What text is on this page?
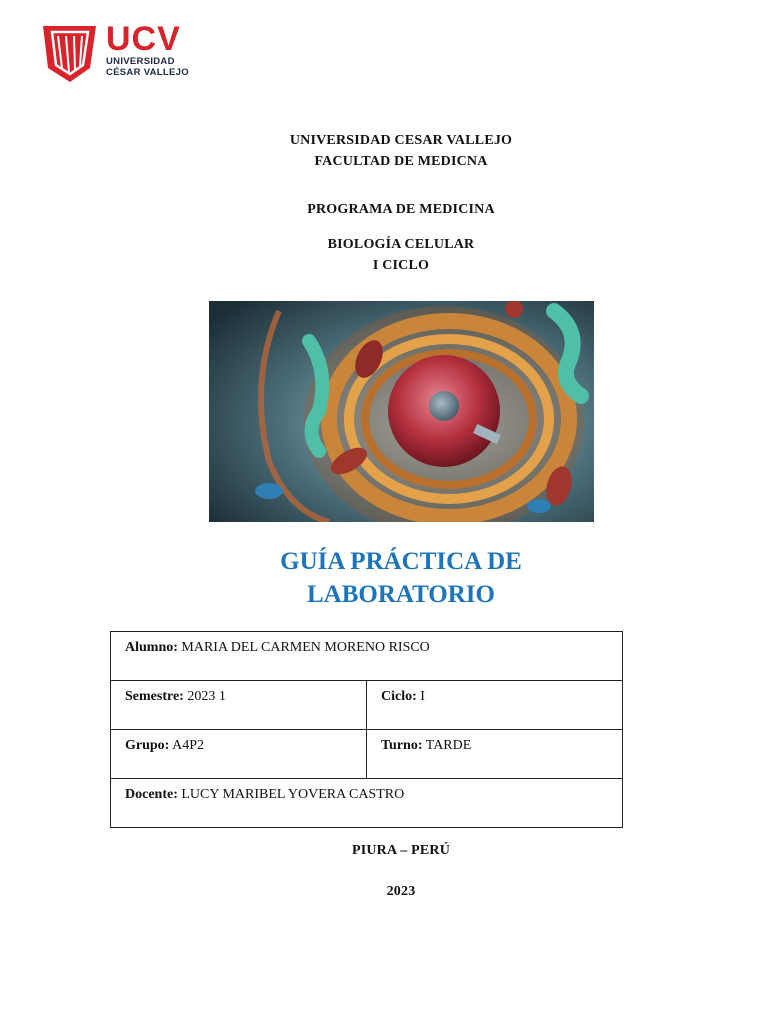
UCV
UNIVERSIDAD
CÉSAR VALLEJO
UNIVERSIDAD CESAR VALLEJO
FACULTAD DE MEDICNA
PROGRAMA DE MEDICINA
BIOLOGÍA CELULAR
I CICLO
GUÍA PRÁCTICA DE
LABORATORIO
Alumno: MARIA DEL CARMEN MORENO RISCO	
Semestre: 2023 1	Ciclo: I
Grupo: A4P2	Turno: TARDE
Docente: LUCY MARIBEL YOVERA CASTRO	
PIURA – PERÚ
2023
